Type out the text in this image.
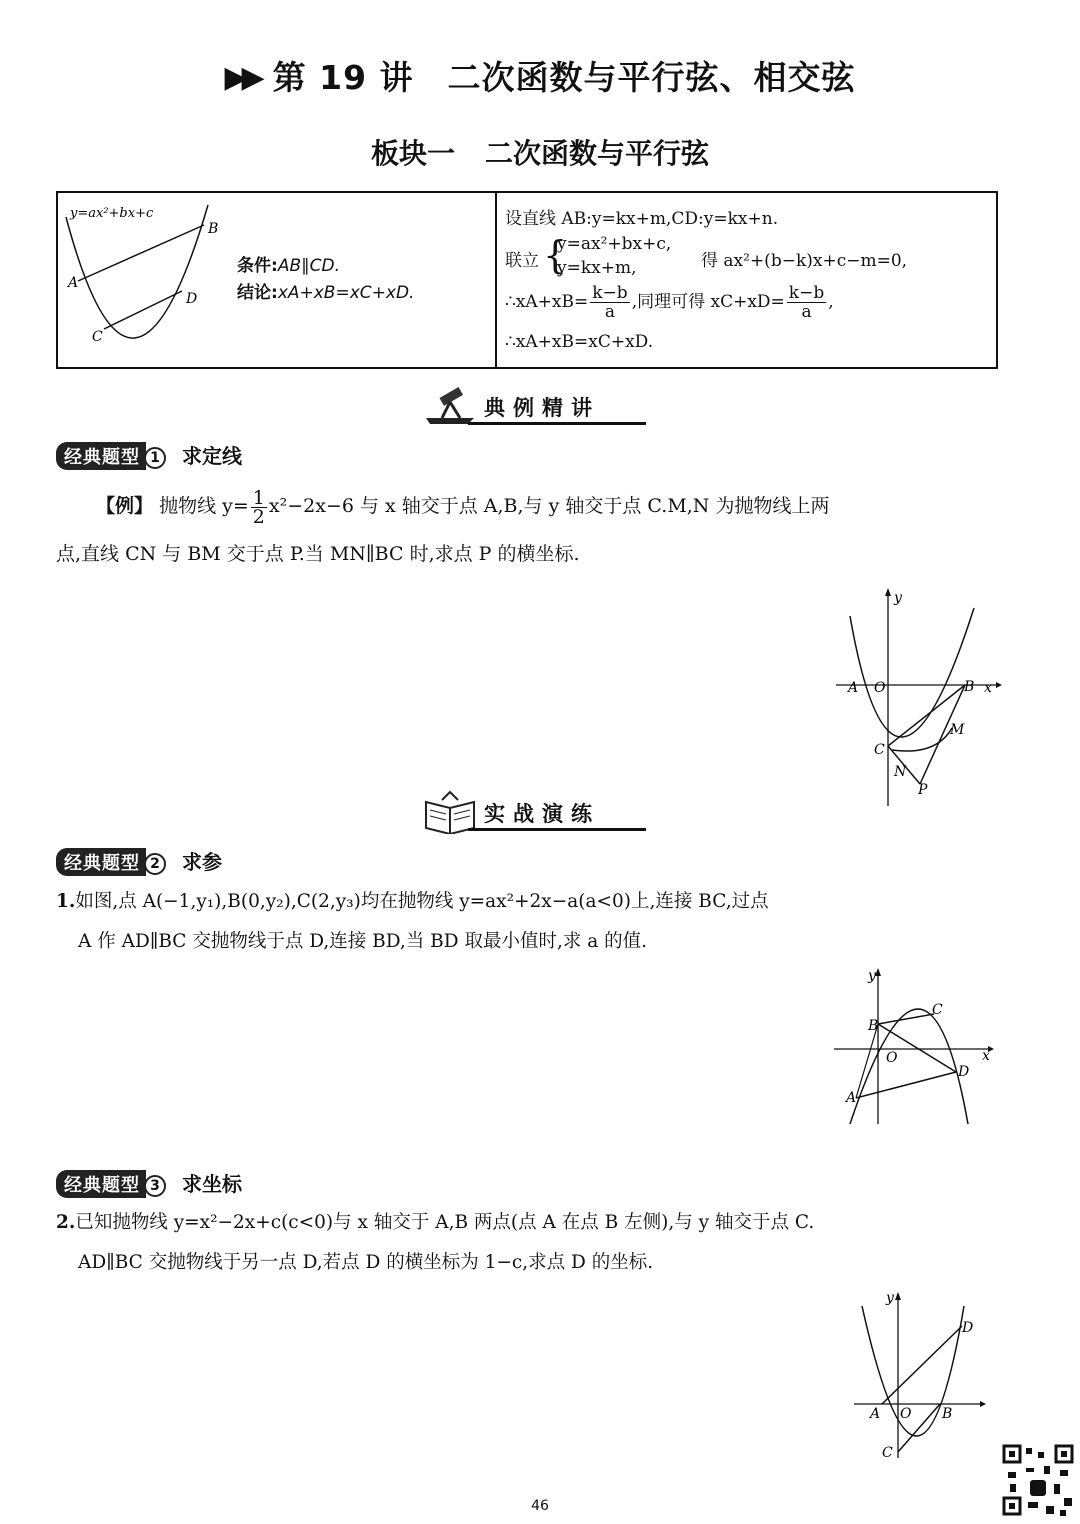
▶▶ 第 19 讲 二次函数与平行弦、相交弦
板块一 二次函数与平行弦
y=ax²+bx+c
B
A
D
C
条件:AB∥CD.
结论:xA+xB=xC+xD.
设直线 AB:y=kx+m,CD:y=kx+n.
联立 {
y=ax²+bx+c,
y=kx+m,	得 ax²+(b−k)x+c−m=0,
∴xA+xB= $\frac{k-b}{a}$ ,同理可得 $xC+xD= \frac{k-b}{a}$ ,
∴xA+xB=xC+xD.
典例精讲
经典题型 1 求定线
【例】 抛物线 $y= \frac{1}{2} x^2-2x-6$ 与 x 轴交于点 A,B,与 y 轴交于点 C.M,N 为抛物线上两
点,直线 CN 与 BM 交于点 P.当 MN∥BC 时,求点 P 的横坐标.
y
A O	B x
M
C
N
P
实战演练
经典题型 2 求参
1.如图,点 A(−1,y₁),B(0,y₂),C(2,y₃)均在抛物线 y=ax²+2x−a(a<0)上,连接 BC,过点
A 作 AD∥BC 交抛物线于点 D,连接 BD,当 BD 取最小值时,求 a 的值.
y
C
B
O	x
D
A
经典题型 3 求坐标
2.已知抛物线 y=x²−2x+c(c<0)与 x 轴交于 A,B 两点(点 A 在点 B 左侧),与 y 轴交于点 C.
AD∥BC 交抛物线于另一点 D,若点 D 的横坐标为 1−c,求点 D 的坐标.
y
D
A O B
C
46
